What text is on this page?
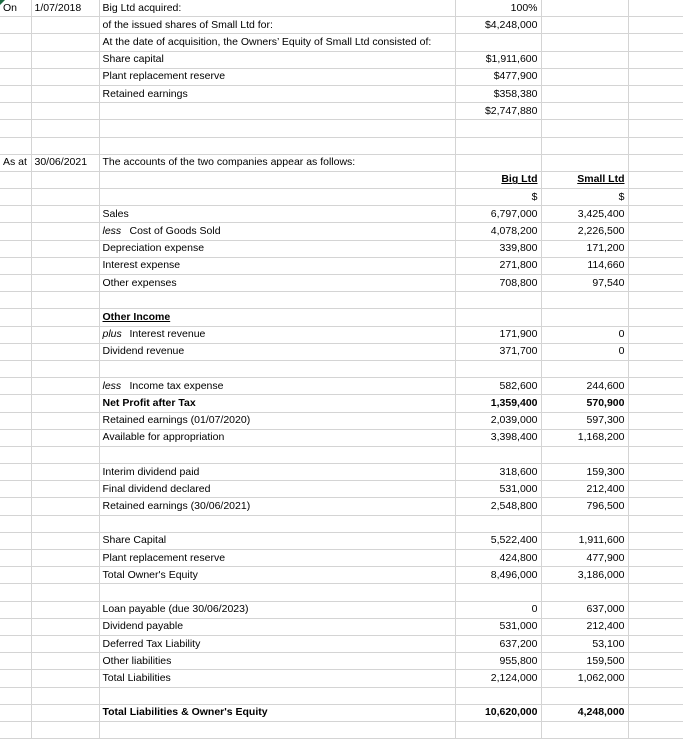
On	1/07/2018	Big Ltd acquired:	100%		
		of the issued shares of Small Ltd for:	$4,248,000		
		At the date of acquisition, the Owners’ Equity of Small Ltd consisted of:			
		Share capital	$1,911,600		
		Plant replacement reserve	$477,900		
		Retained earnings	$358,380		
			$2,747,880		

As at	30/06/2021	The accounts of the two companies appear as follows:			
			Big Ltd	Small Ltd	
			$	$	
		Sales	6,797,000	3,425,400	
		less Cost of Goods Sold	4,078,200	2,226,500	
		Depreciation expense	339,800	171,200	
		Interest expense	271,800	114,660	
		Other expenses	708,800	97,540	

		Other Income			
		plus Interest revenue	171,900	0	
		Dividend revenue	371,700	0	

		less Income tax expense	582,600	244,600	
		Net Profit after Tax	1,359,400	570,900	
		Retained earnings (01/07/2020)	2,039,000	597,300	
		Available for appropriation	3,398,400	1,168,200	

		Interim dividend paid	318,600	159,300	
		Final dividend declared	531,000	212,400	
		Retained earnings (30/06/2021)	2,548,800	796,500	

		Share Capital	5,522,400	1,911,600	
		Plant replacement reserve	424,800	477,900	
		Total Owner's Equity	8,496,000	3,186,000	

		Loan payable (due 30/06/2023)	0	637,000	
		Dividend payable	531,000	212,400	
		Deferred Tax Liability	637,200	53,100	
		Other liabilities	955,800	159,500	
		Total Liabilities	2,124,000	1,062,000	

		Total Liabilities & Owner's Equity	10,620,000	4,248,000	
